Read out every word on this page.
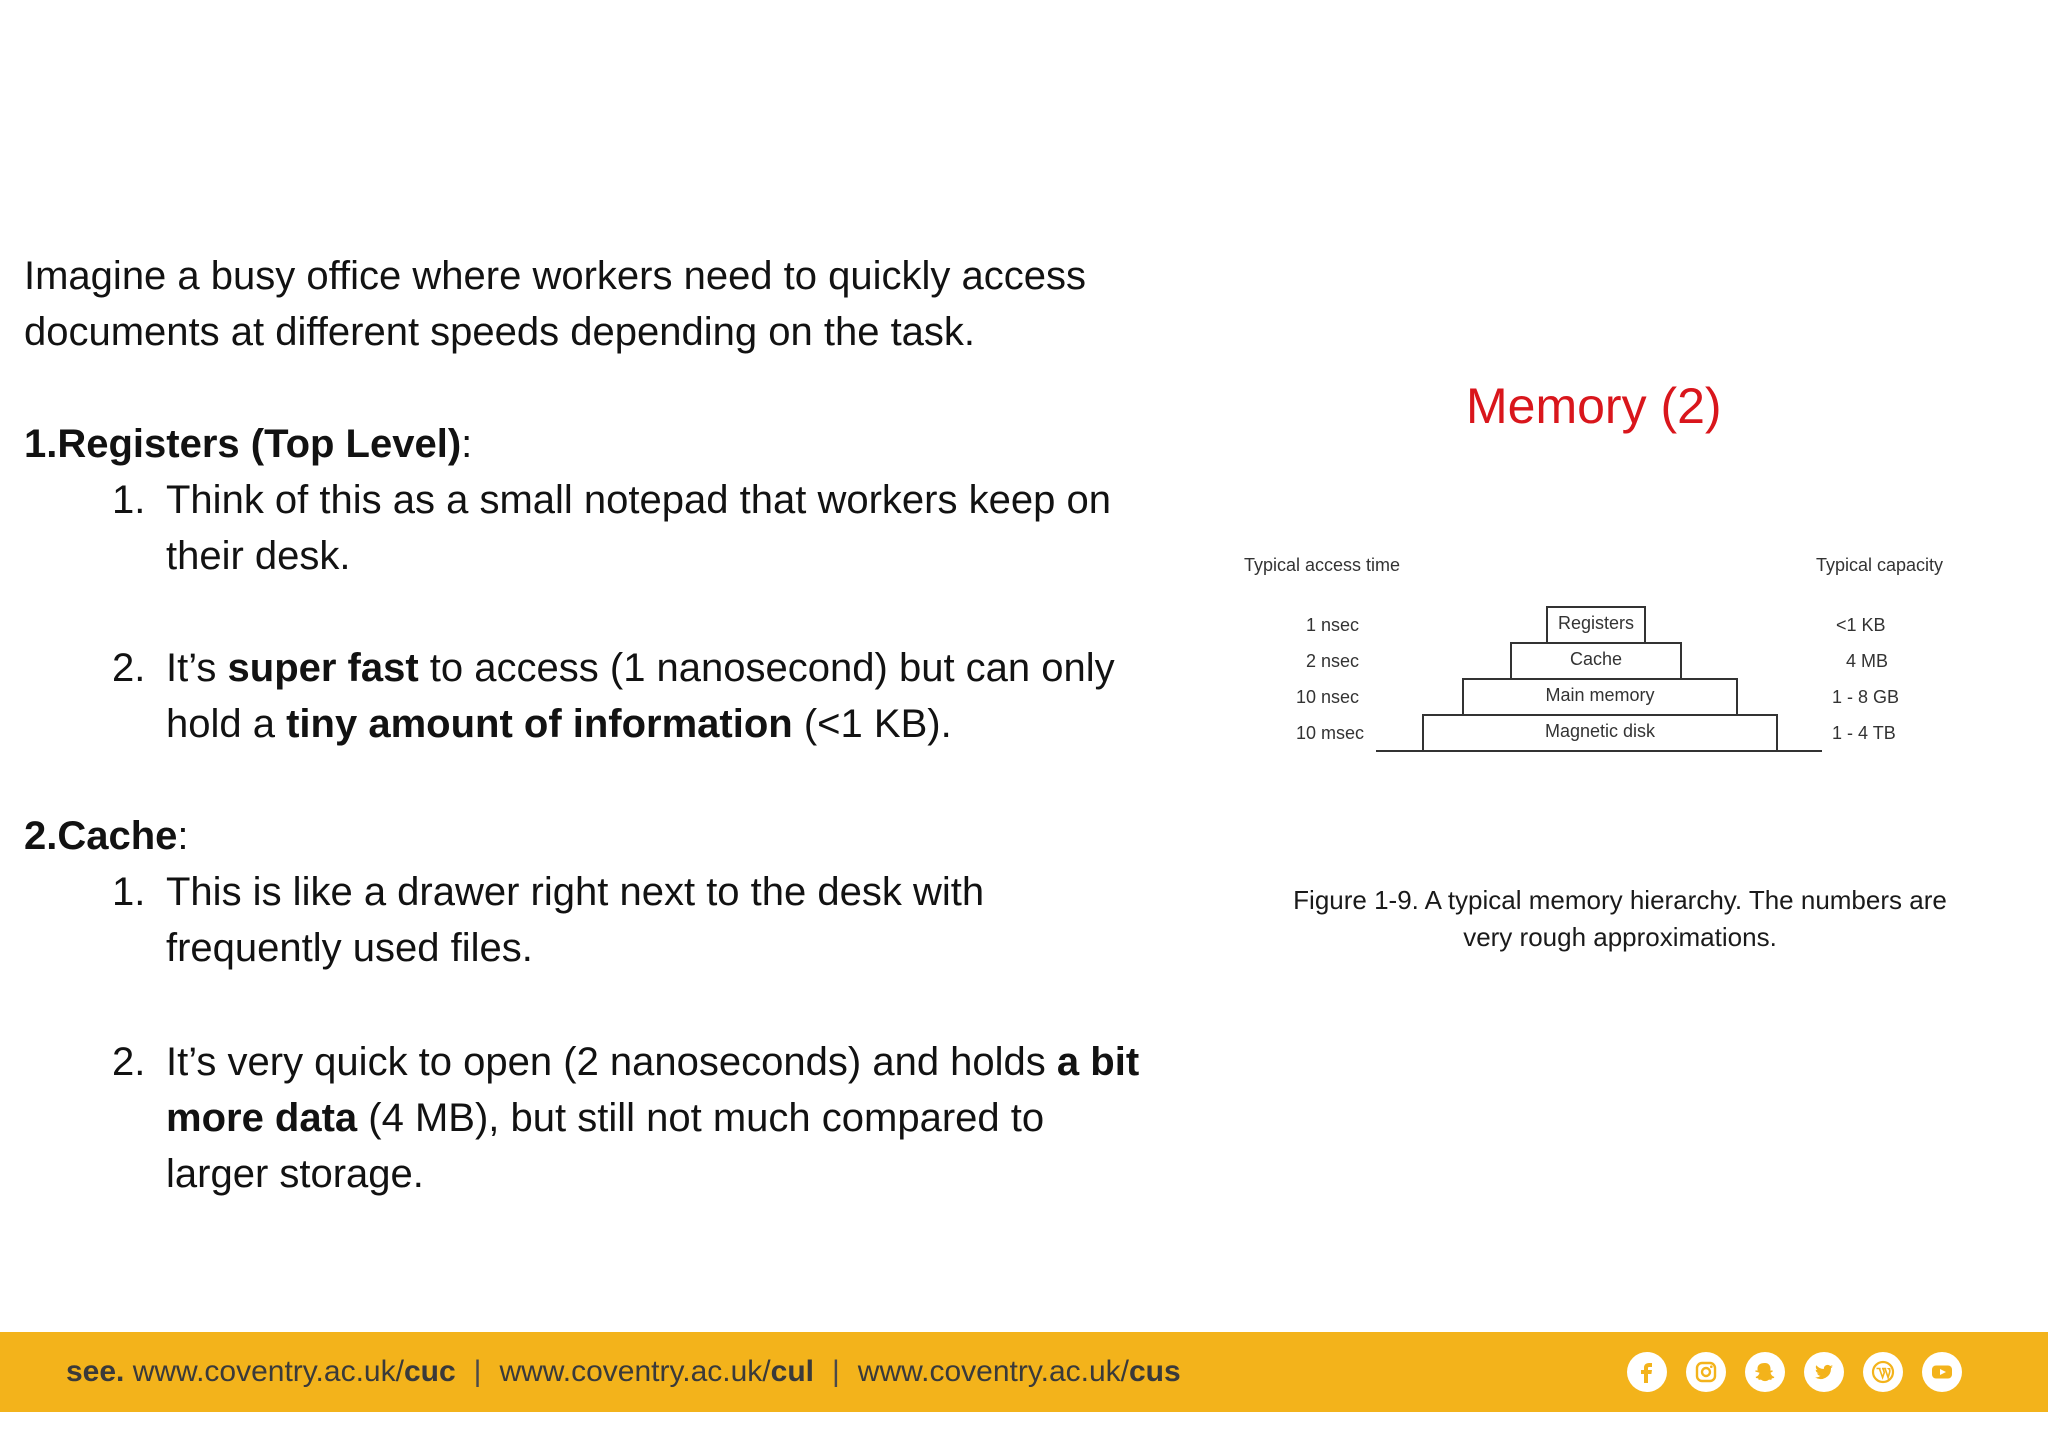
Imagine a busy office where workers need to quickly access

documents at different speeds depending on the task.

1.Registers (Top Level):

1. Think of this as a small notepad that workers keep on

their desk.

2. It’s super fast to access (1 nanosecond) but can only

hold a tiny amount of information (<1 KB).

2.Cache:

1. This is like a drawer right next to the desk with

frequently used files.

2. It’s very quick to open (2 nanoseconds) and holds a bit

more data (4 MB), but still not much compared to

larger storage.

Memory (2)
Typical access time	Typical capacity
1 nsec
2 nsec
10 nsec
10 msec
Registers
Cache
Main memory
Magnetic disk
<1 KB
4 MB
1 - 8 GB
1 - 4 TB
Figure 1-9. A typical memory hierarchy. The numbers are
very rough approximations.
see. www.coventry.ac.uk/cuc | www.coventry.ac.uk/cul | www.coventry.ac.uk/cus
